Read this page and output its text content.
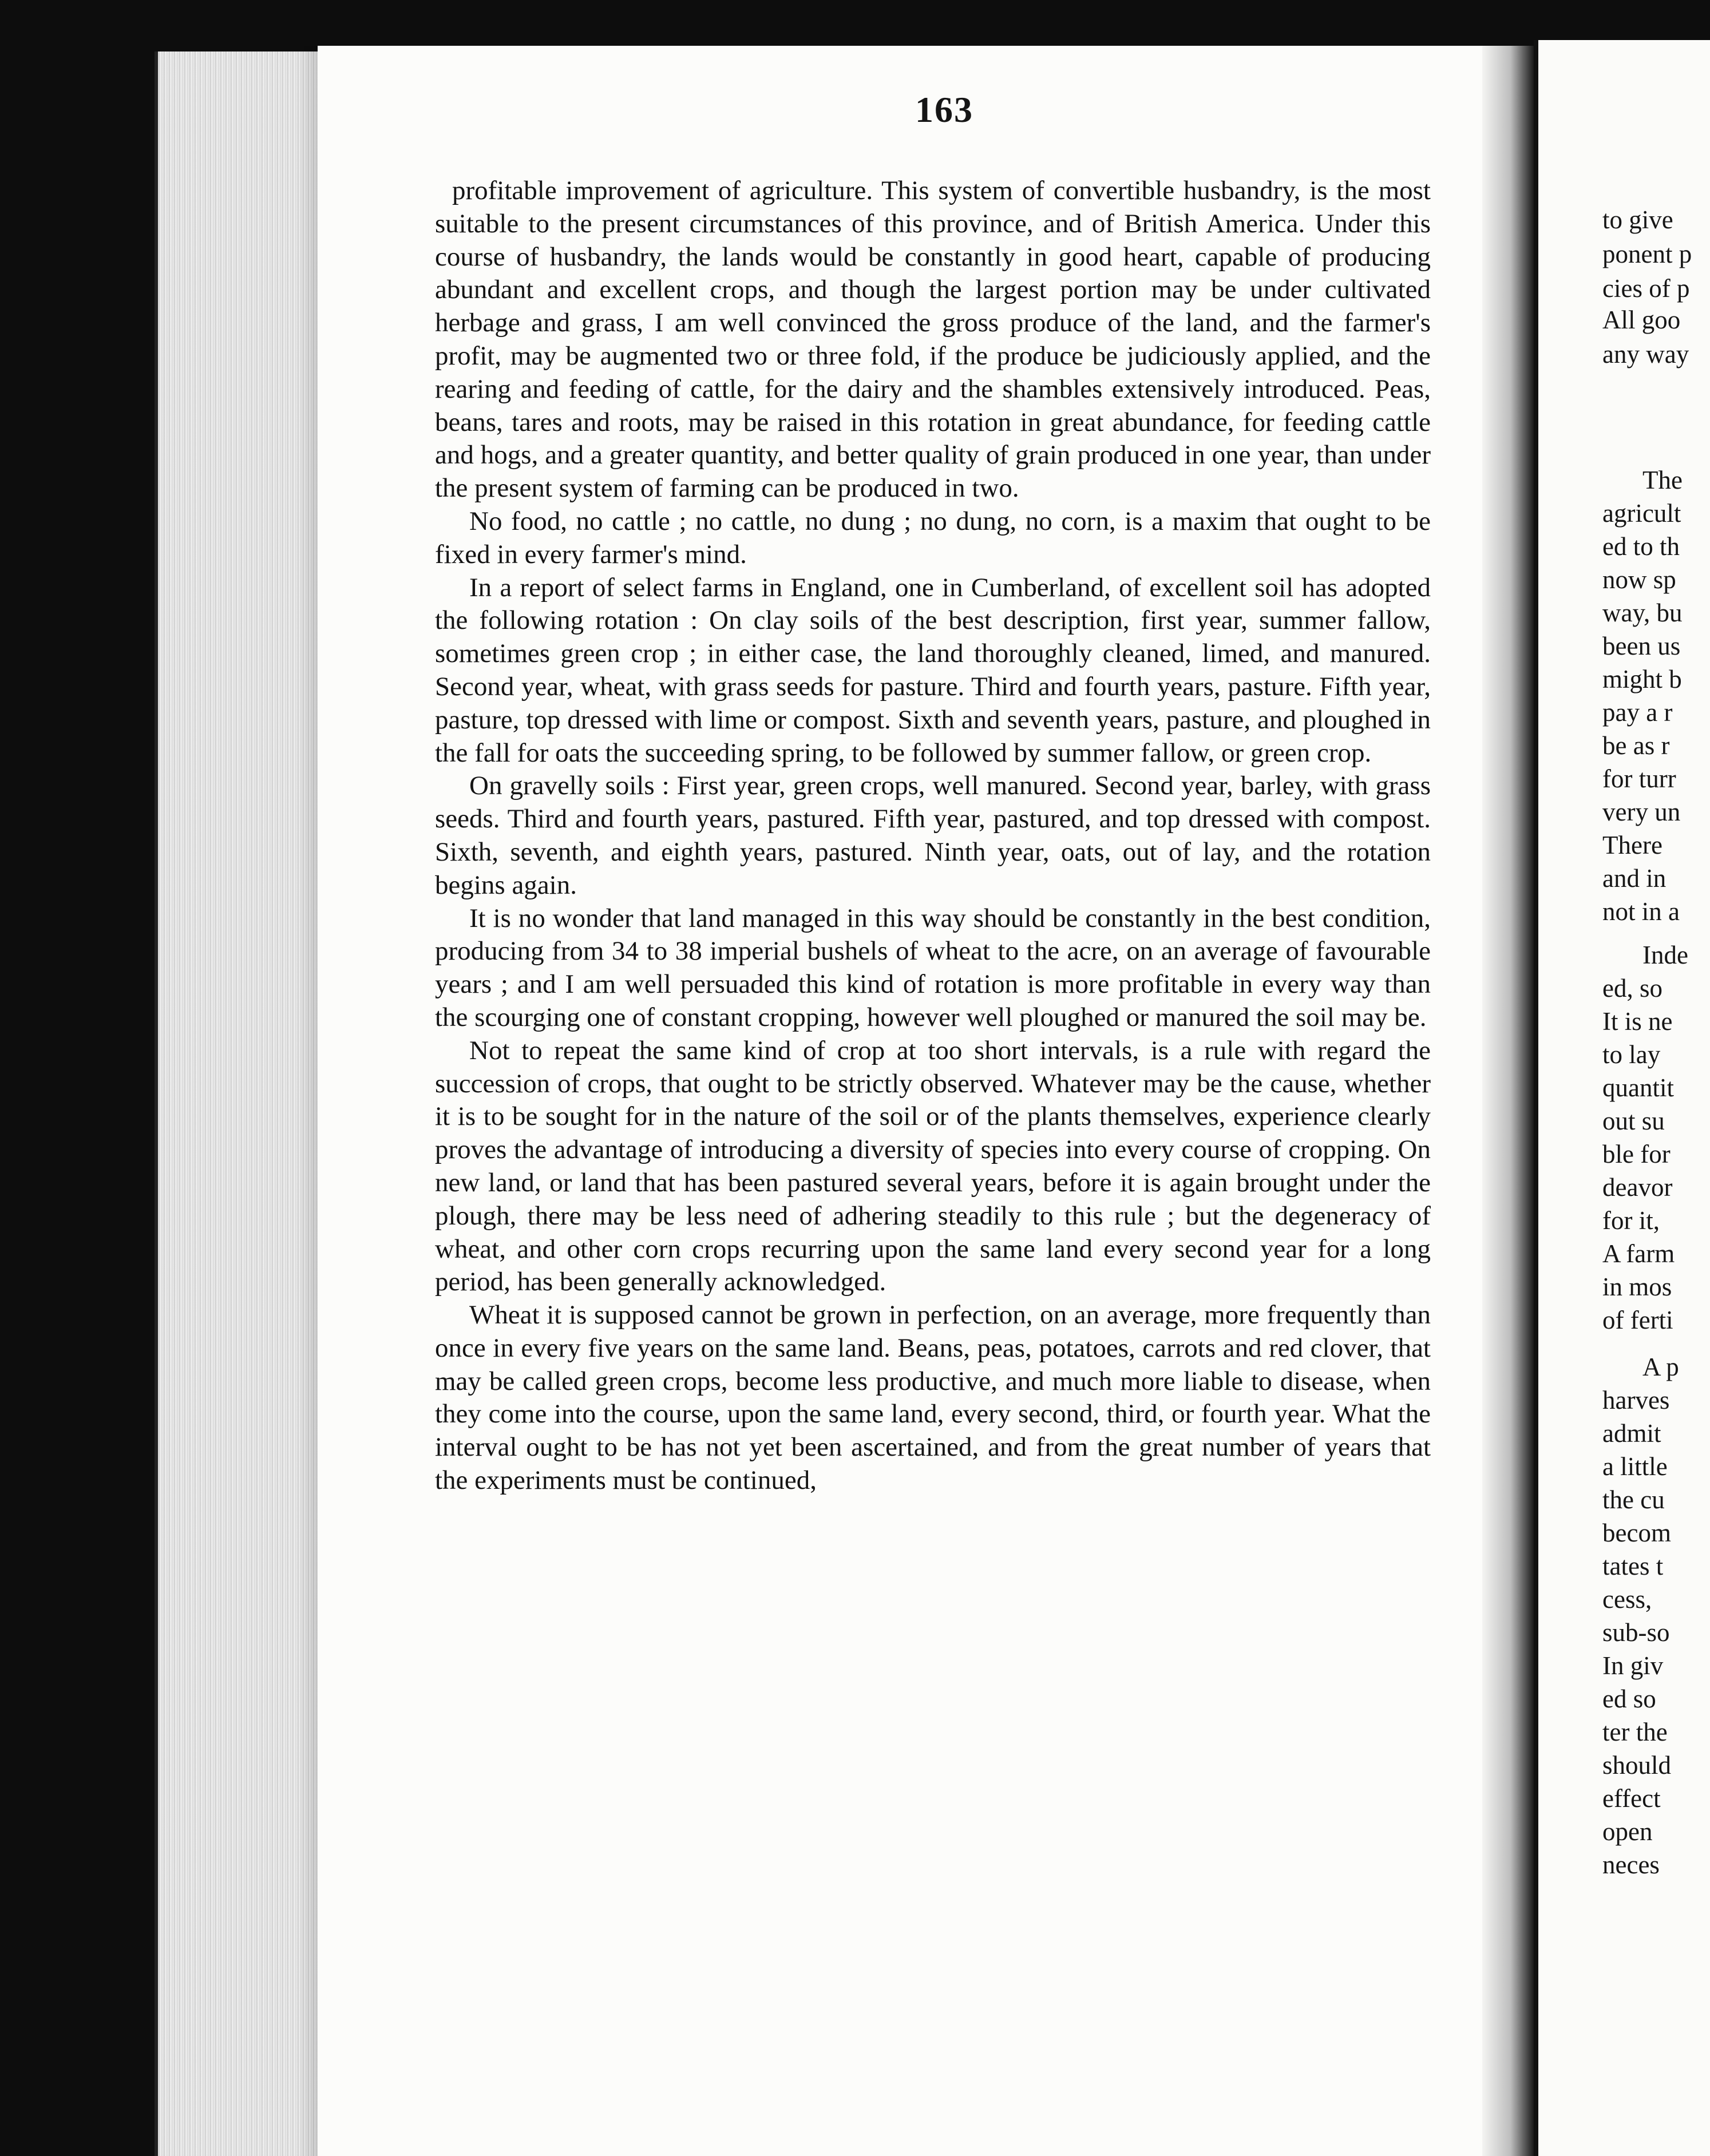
163

profitable improvement of agriculture. This system of convertible husbandry, is the most suitable to the present circumstances of this province, and of British America. Under this course of husbandry, the lands would be constantly in good heart, capable of producing abundant and excellent crops, and though the largest portion may be under cultivated herbage and grass, I am well convinced the gross produce of the land, and the farmer's profit, may be augmented two or three fold, if the produce be judiciously applied, and the rearing and feeding of cattle, for the dairy and the shambles extensively introduced. Peas, beans, tares and roots, may be raised in this rotation in great abundance, for feeding cattle and hogs, and a greater quantity, and better quality of grain produced in one year, than under the present system of farming can be produced in two.

No food, no cattle ; no cattle, no dung ; no dung, no corn, is a maxim that ought to be fixed in every farmer's mind.

In a report of select farms in England, one in Cumberland, of excellent soil has adopted the following rotation : On clay soils of the best description, first year, summer fallow, sometimes green crop ; in either case, the land thoroughly cleaned, limed, and manured. Second year, wheat, with grass seeds for pasture. Third and fourth years, pasture. Fifth year, pasture, top dressed with lime or compost. Sixth and seventh years, pasture, and ploughed in the fall for oats the succeeding spring, to be followed by summer fallow, or green crop.

On gravelly soils : First year, green crops, well manured. Second year, barley, with grass seeds. Third and fourth years, pastured. Fifth year, pastured, and top dressed with compost. Sixth, seventh, and eighth years, pastured. Ninth year, oats, out of lay, and the rotation begins again.

It is no wonder that land managed in this way should be constantly in the best condition, producing from 34 to 38 imperial bushels of wheat to the acre, on an average of favourable years ; and I am well persuaded this kind of rotation is more profitable in every way than the scourging one of constant cropping, however well ploughed or manured the soil may be.

Not to repeat the same kind of crop at too short intervals, is a rule with regard the succession of crops, that ought to be strictly observed. Whatever may be the cause, whether it is to be sought for in the nature of the soil or of the plants themselves, experience clearly proves the advantage of introducing a diversity of species into every course of cropping. On new land, or land that has been pastured several years, before it is again brought under the plough, there may be less need of adhering steadily to this rule ; but the degeneracy of wheat, and other corn crops recurring upon the same land every second year for a long period, has been generally acknowledged.

Wheat it is supposed cannot be grown in perfection, on an average, more frequently than once in every five years on the same land. Beans, peas, potatoes, carrots and red clover, that may be called green crops, become less productive, and much more liable to disease, when they come into the course, upon the same land, every second, third, or fourth year. What the interval ought to be has not yet been ascertained, and from the great number of years that the experiments must be continued,

to give
ponent p
cies of p
All goo
any way
The
agricult
ed to th
now sp
way, bu
been us
might b
pay a r
be as r
for turr
very un
There
and in
not in a
Inde
ed, so
It is ne
to lay
quantit
out su
ble for
deavor
for it,
A farm
in mos
of ferti
A p
harves
admit
a little
the cu
becom
tates t
cess,
sub-so
In giv
ed so
ter the
should
effect
open
neces
